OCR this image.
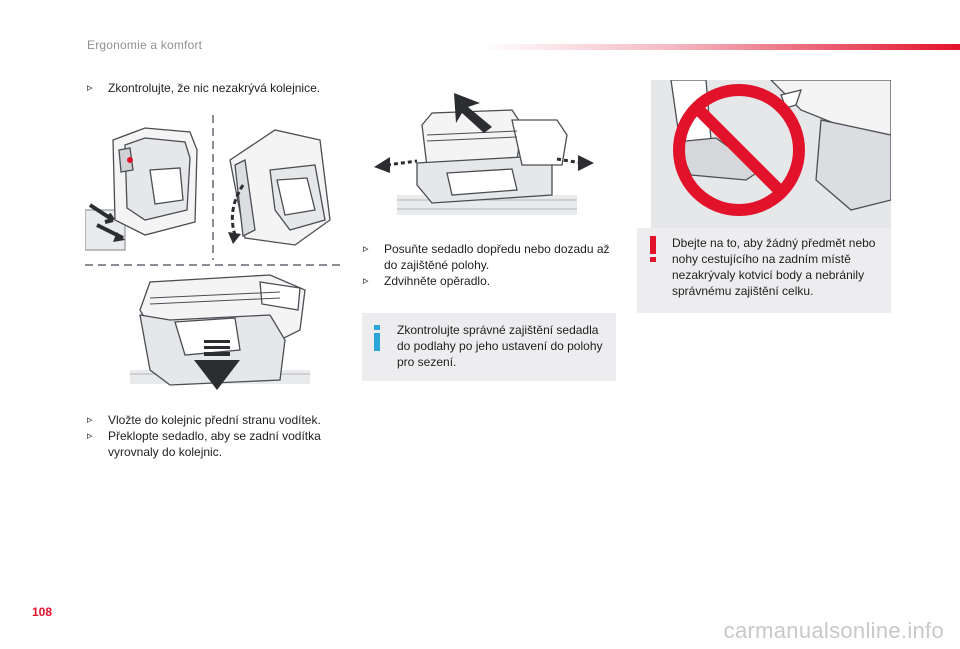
Ergonomie a komfort
▹ Zkontrolujte, že nic nezakrývá kolejnice.
▹ Vložte do kolejnic přední stranu vodítek.
▹ Překlopte sedadlo, aby se zadní vodítka vyrovnaly do kolejnic.
▹ Posuňte sedadlo dopředu nebo dozadu až do zajištěné polohy.
▹ Zdvihněte opěradlo.
Zkontrolujte správné zajištění sedadla do podlahy po jeho ustavení do polohy pro sezení.
Dbejte na to, aby žádný předmět nebo nohy cestujícího na zadním místě nezakrývaly kotvicí body a nebránily správnému zajištění celku.
108
carmanualsonline.info
